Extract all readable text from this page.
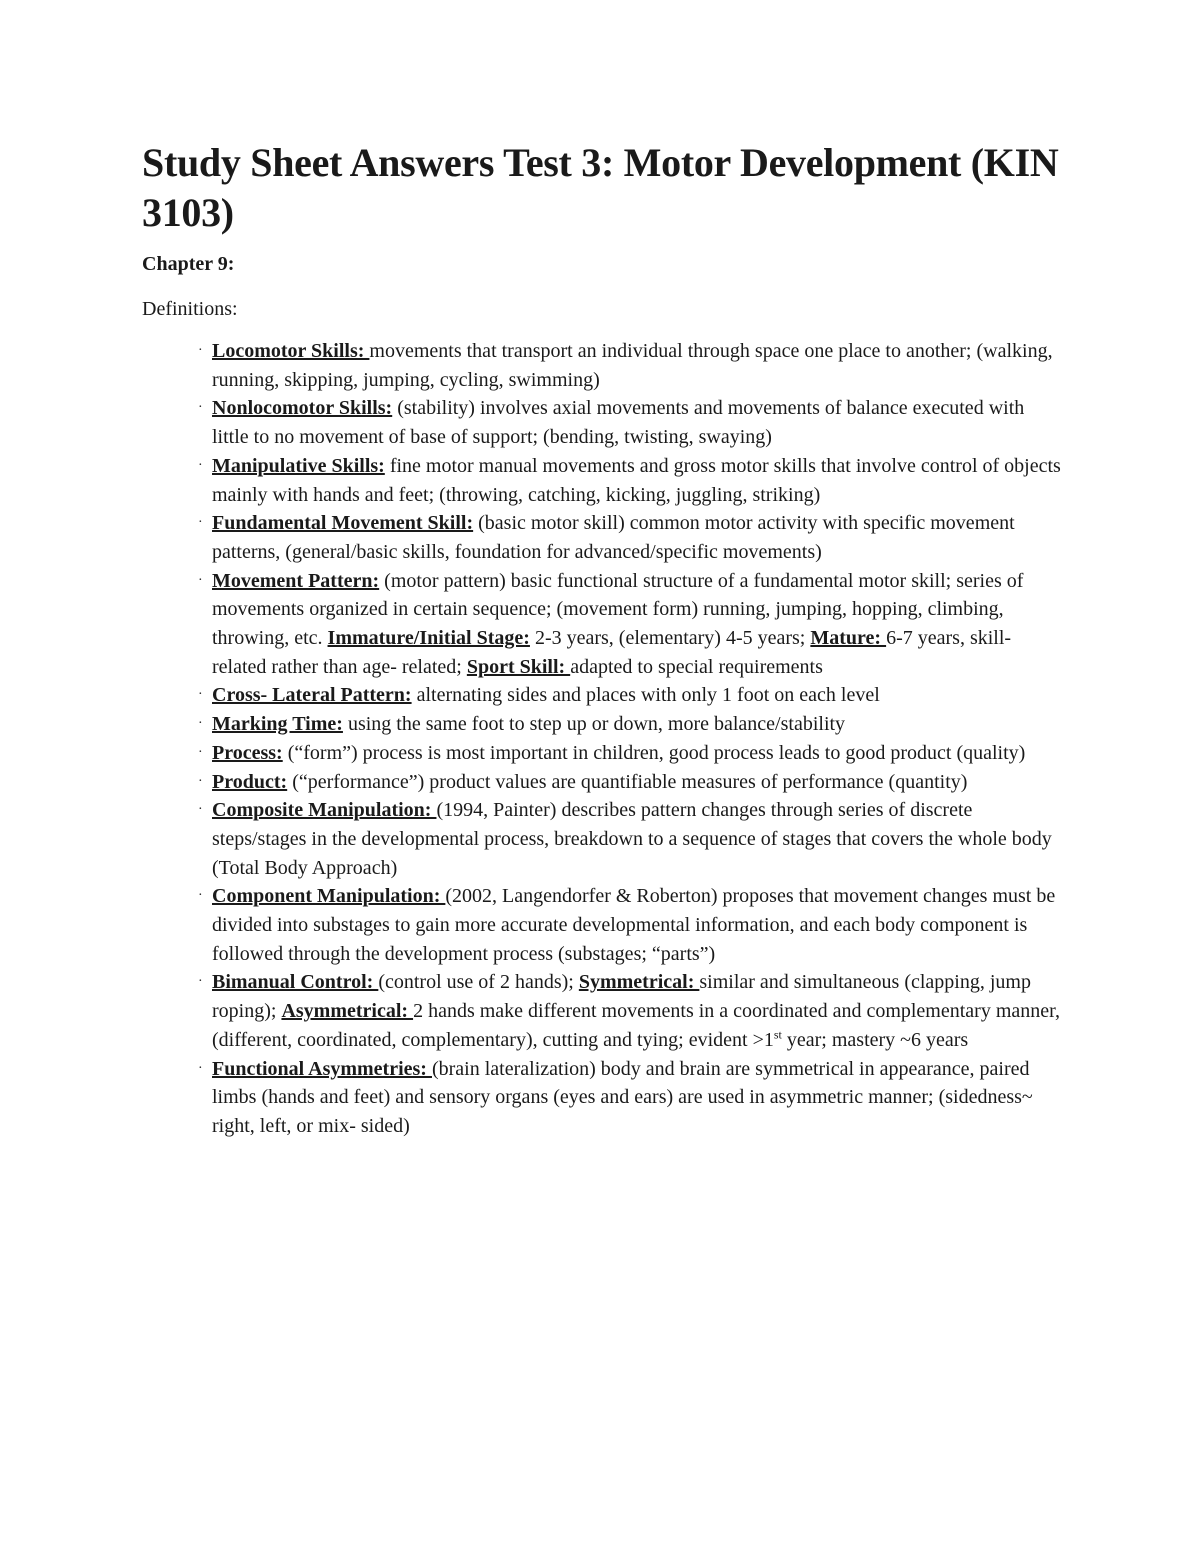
Study Sheet Answers Test 3: Motor Development (KIN 3103)

Chapter 9:

Definitions:

· Locomotor Skills: movements that transport an individual through space one place to another; (walking, running, skipping, jumping, cycling, swimming)
· Nonlocomotor Skills: (stability) involves axial movements and movements of balance executed with little to no movement of base of support; (bending, twisting, swaying)
· Manipulative Skills: fine motor manual movements and gross motor skills that involve control of objects mainly with hands and feet; (throwing, catching, kicking, juggling, striking)
· Fundamental Movement Skill: (basic motor skill) common motor activity with specific movement patterns, (general/basic skills, foundation for advanced/specific movements)
· Movement Pattern: (motor pattern) basic functional structure of a fundamental motor skill; series of movements organized in certain sequence; (movement form) running, jumping, hopping, climbing, throwing, etc. Immature/Initial Stage: 2-3 years, (elementary) 4-5 years; Mature: 6-7 years, skill- related rather than age- related; Sport Skill: adapted to special requirements
· Cross- Lateral Pattern: alternating sides and places with only 1 foot on each level
· Marking Time: using the same foot to step up or down, more balance/stability
· Process: (“form”) process is most important in children, good process leads to good product (quality)
· Product: (“performance”) product values are quantifiable measures of performance (quantity)
· Composite Manipulation: (1994, Painter) describes pattern changes through series of discrete steps/stages in the developmental process, breakdown to a sequence of stages that covers the whole body (Total Body Approach)
· Component Manipulation: (2002, Langendorfer & Roberton) proposes that movement changes must be divided into substages to gain more accurate developmental information, and each body component is followed through the development process (substages; “parts”)
· Bimanual Control: (control use of 2 hands); Symmetrical: similar and simultaneous (clapping, jump roping); Asymmetrical: 2 hands make different movements in a coordinated and complementary manner, (different, coordinated, complementary), cutting and tying; evident >1st year; mastery ~6 years
· Functional Asymmetries: (brain lateralization) body and brain are symmetrical in appearance, paired limbs (hands and feet) and sensory organs (eyes and ears) are used in asymmetric manner; (sidedness~ right, left, or mix- sided)
